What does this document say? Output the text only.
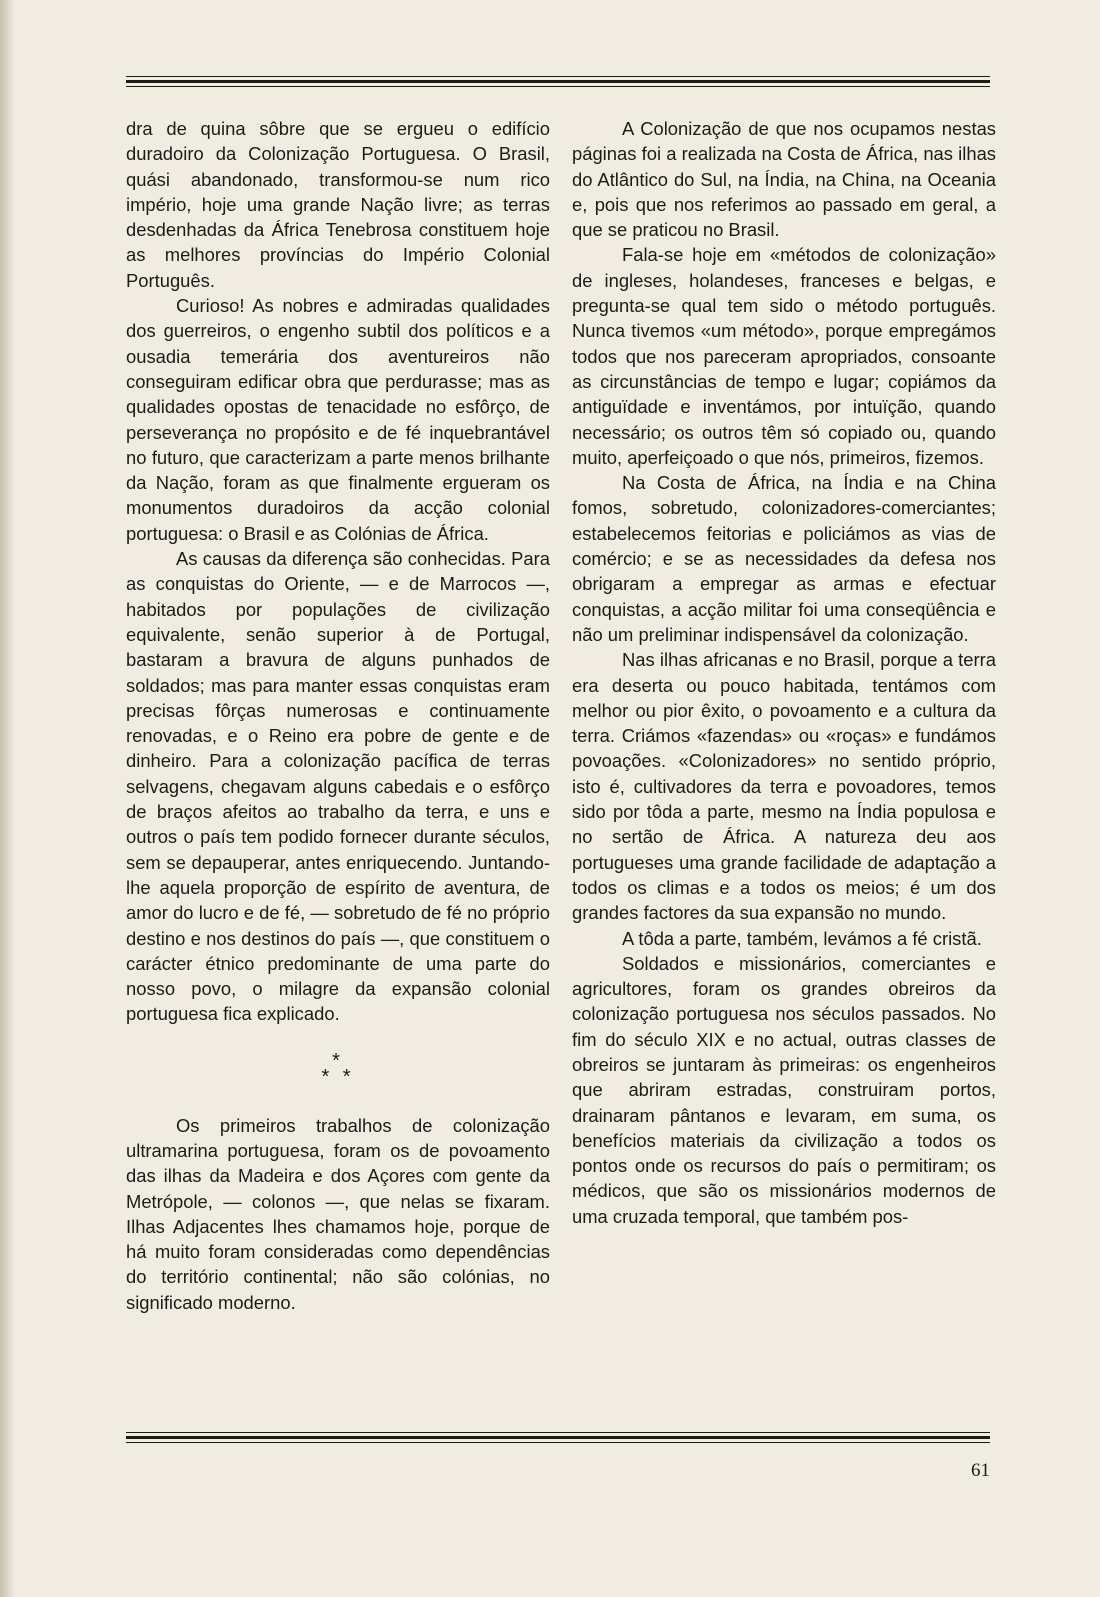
dra de quina sôbre que se ergueu o edifício duradoiro da Colonização Portuguesa. O Brasil, quási abandonado, transformou-se num rico império, hoje uma grande Nação livre; as terras desdenhadas da África Tenebrosa constituem hoje as melhores províncias do Império Colonial Português.

Curioso! As nobres e admiradas qualidades dos guerreiros, o engenho subtil dos políticos e a ousadia temerária dos aventureiros não conseguiram edificar obra que perdurasse; mas as qualidades opostas de tenacidade no esfôrço, de perseverança no propósito e de fé inquebrantável no futuro, que caracterizam a parte menos brilhante da Nação, foram as que finalmente ergueram os monumentos duradoiros da acção colonial portuguesa: o Brasil e as Colónias de África.

As causas da diferença são conhecidas. Para as conquistas do Oriente, — e de Marrocos —, habitados por populações de civilização equivalente, senão superior à de Portugal, bastaram a bravura de alguns punhados de soldados; mas para manter essas conquistas eram precisas fôrças numerosas e continuamente renovadas, e o Reino era pobre de gente e de dinheiro. Para a colonização pacífica de terras selvagens, chegavam alguns cabedais e o esfôrço de braços afeitos ao trabalho da terra, e uns e outros o país tem podido fornecer durante séculos, sem se depauperar, antes enriquecendo. Juntando-lhe aquela proporção de espírito de aventura, de amor do lucro e de fé, — sobretudo de fé no próprio destino e nos destinos do país —, que constituem o carácter étnico predominante de uma parte do nosso povo, o milagre da expansão colonial portuguesa fica explicado.

*
* *

Os primeiros trabalhos de colonização ultramarina portuguesa, foram os de povoamento das ilhas da Madeira e dos Açores com gente da Metrópole, — colonos —, que nelas se fixaram. Ilhas Adjacentes lhes chamamos hoje, porque de há muito foram consideradas como dependências do território continental; não são colónias, no significado moderno.

A Colonização de que nos ocupamos nestas páginas foi a realizada na Costa de África, nas ilhas do Atlântico do Sul, na Índia, na China, na Oceania e, pois que nos referimos ao passado em geral, a que se praticou no Brasil.

Fala-se hoje em «métodos de colonização» de ingleses, holandeses, franceses e belgas, e pregunta-se qual tem sido o método português. Nunca tivemos «um método», porque empregámos todos que nos pareceram apropriados, consoante as circunstâncias de tempo e lugar; copiámos da antiguïdade e inventámos, por intuïção, quando necessário; os outros têm só copiado ou, quando muito, aperfeiçoado o que nós, primeiros, fizemos.

Na Costa de África, na Índia e na China fomos, sobretudo, colonizadores-comerciantes; estabelecemos feitorias e policiámos as vias de comércio; e se as necessidades da defesa nos obrigaram a empregar as armas e efectuar conquistas, a acção militar foi uma conseqüência e não um preliminar indispensável da colonização.

Nas ilhas africanas e no Brasil, porque a terra era deserta ou pouco habitada, tentámos com melhor ou pior êxito, o povoamento e a cultura da terra. Criámos «fazendas» ou «roças» e fundámos povoações. «Colonizadores» no sentido próprio, isto é, cultivadores da terra e povoadores, temos sido por tôda a parte, mesmo na Índia populosa e no sertão de África. A natureza deu aos portugueses uma grande facilidade de adaptação a todos os climas e a todos os meios; é um dos grandes factores da sua expansão no mundo.

A tôda a parte, também, levámos a fé cristã.

Soldados e missionários, comerciantes e agricultores, foram os grandes obreiros da colonização portuguesa nos séculos passados. No fim do século XIX e no actual, outras classes de obreiros se juntaram às primeiras: os engenheiros que abriram estradas, construiram portos, drainaram pântanos e levaram, em suma, os benefícios materiais da civilização a todos os pontos onde os recursos do país o permitiram; os médicos, que são os missionários modernos de uma cruzada temporal, que também pos-

61
